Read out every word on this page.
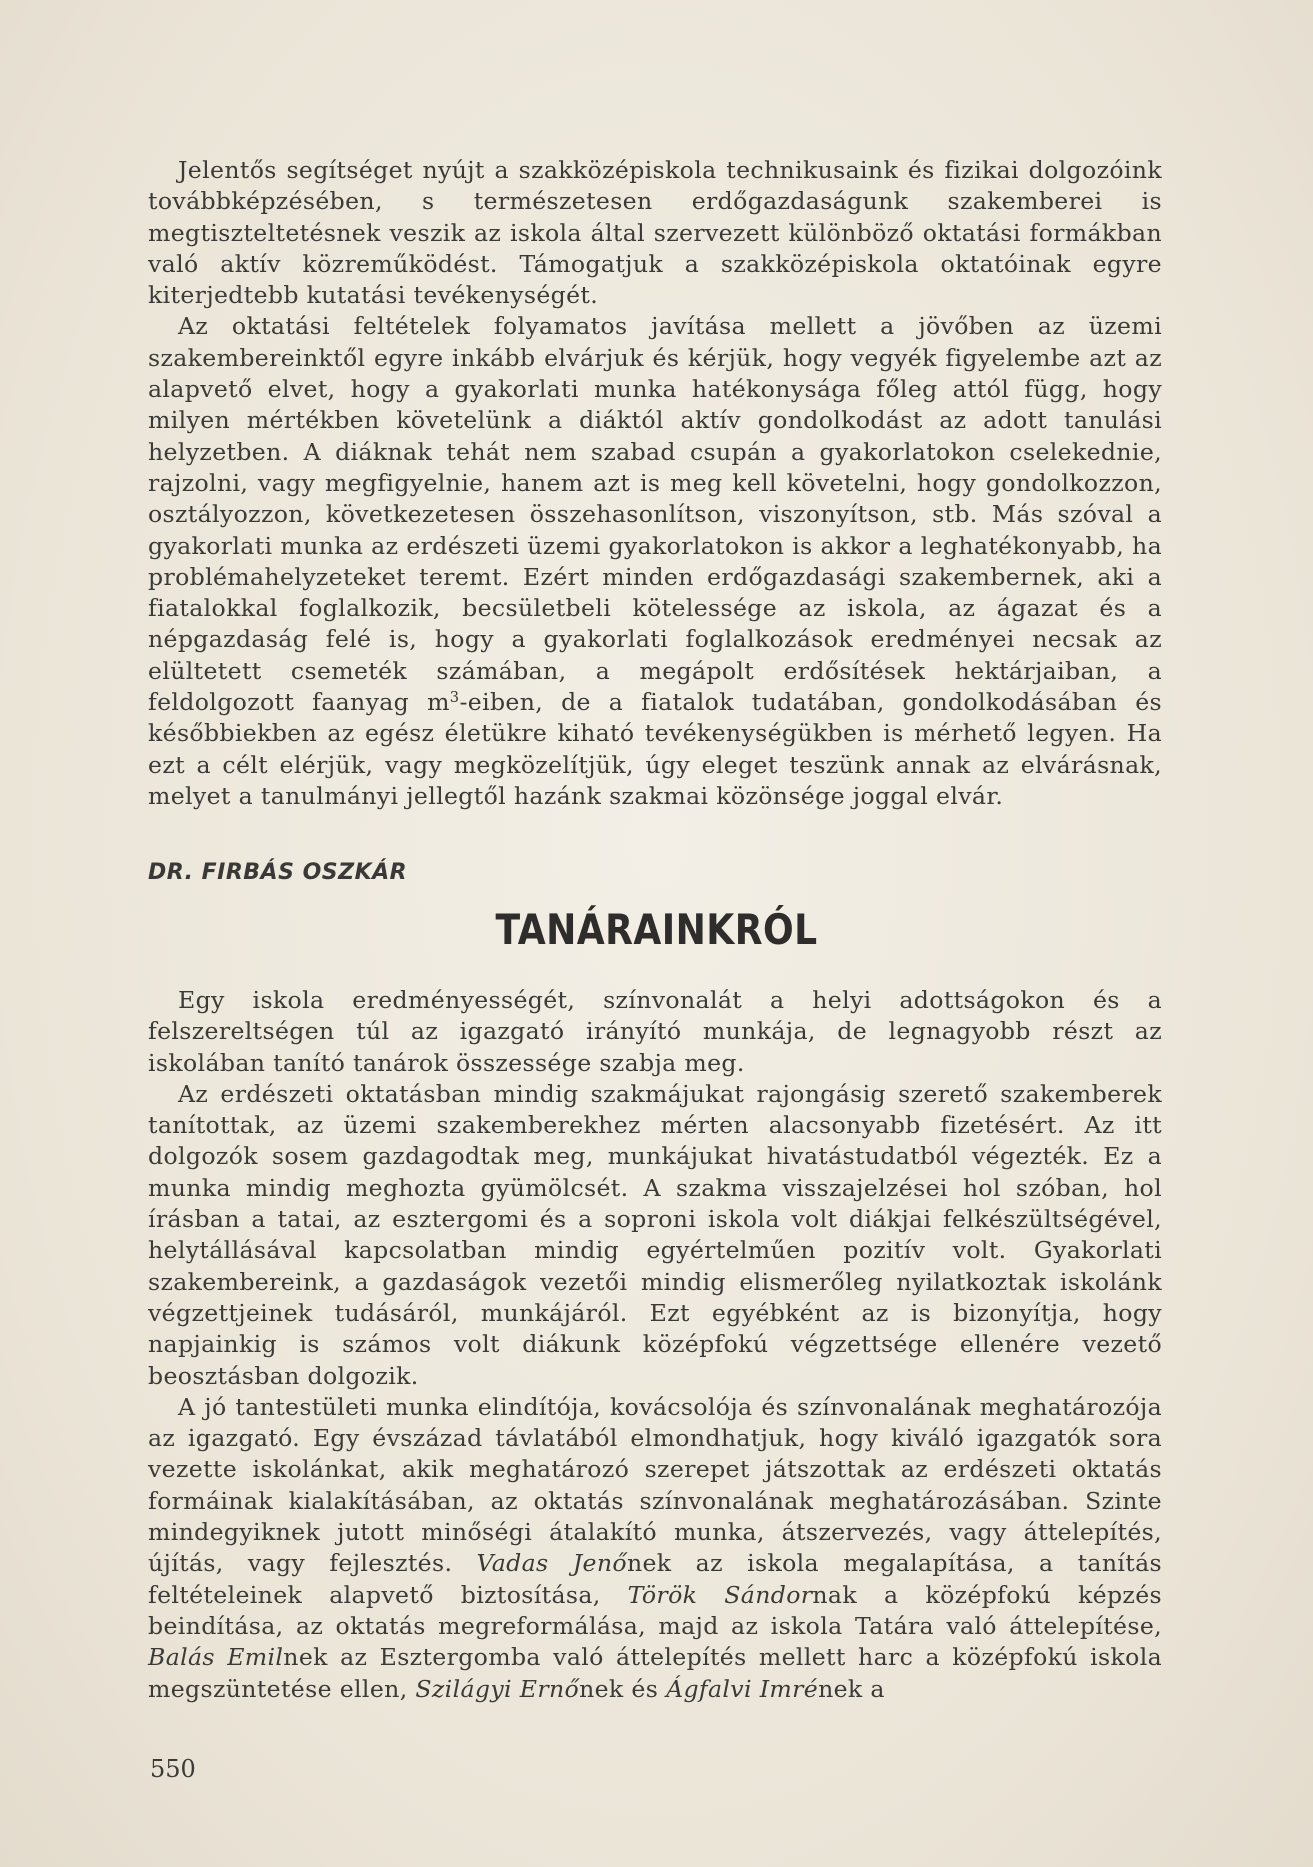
Jelentős segítséget nyújt a szakközépiskola technikusaink és fizikai dolgozóink továbbképzésében, s természetesen erdőgazdaságunk szakemberei is megtiszteltetésnek veszik az iskola által szervezett különböző oktatási formákban való aktív közreműködést. Támogatjuk a szakközépiskola oktatóinak egyre kiterjedtebb kutatási tevékenységét.

Az oktatási feltételek folyamatos javítása mellett a jövőben az üzemi szakembereinktől egyre inkább elvárjuk és kérjük, hogy vegyék figyelembe azt az alapvető elvet, hogy a gyakorlati munka hatékonysága főleg attól függ, hogy milyen mértékben követelünk a diáktól aktív gondolkodást az adott tanulási helyzetben. A diáknak tehát nem szabad csupán a gyakorlatokon cselekednie, rajzolni, vagy megfigyelnie, hanem azt is meg kell követelni, hogy gondolkozzon, osztályozzon, következetesen összehasonlítson, viszonyítson, stb. Más szóval a gyakorlati munka az erdészeti üzemi gyakorlatokon is akkor a leghatékonyabb, ha problémahelyzeteket teremt. Ezért minden erdőgazdasági szakembernek, aki a fiatalokkal foglalkozik, becsületbeli kötelessége az iskola, az ágazat és a népgazdaság felé is, hogy a gyakorlati foglalkozások eredményei necsak az elültetett csemeték számában, a megápolt erdősítések hektárjaiban, a feldolgozott faanyag $m^3$-eiben, de a fiatalok tudatában, gondolkodásában és későbbiekben az egész életükre kiható tevékenységükben is mérhető legyen. Ha ezt a célt elérjük, vagy megközelítjük, úgy eleget teszünk annak az elvárásnak, melyet a tanulmányi jellegtől hazánk szakmai közönsége joggal elvár.

DR. FIRBÁS OSZKÁR
TANÁRAINKRÓL

Egy iskola eredményességét, színvonalát a helyi adottságokon és a felszereltségen túl az igazgató irányító munkája, de legnagyobb részt az iskolában tanító tanárok összessége szabja meg.

Az erdészeti oktatásban mindig szakmájukat rajongásig szerető szakemberek tanítottak, az üzemi szakemberekhez mérten alacsonyabb fizetésért. Az itt dolgozók sosem gazdagodtak meg, munkájukat hivatástudatból végezték. Ez a munka mindig meghozta gyümölcsét. A szakma visszajelzései hol szóban, hol írásban a tatai, az esztergomi és a soproni iskola volt diákjai felkészültségével, helytállásával kapcsolatban mindig egyértelműen pozitív volt. Gyakorlati szakembereink, a gazdaságok vezetői mindig elismerőleg nyilatkoztak iskolánk végzettjeinek tudásáról, munkájáról. Ezt egyébként az is bizonyítja, hogy napjainkig is számos volt diákunk középfokú végzettsége ellenére vezető beosztásban dolgozik.

A jó tantestületi munka elindítója, kovácsolója és színvonalának meghatározója az igazgató. Egy évszázad távlatából elmondhatjuk, hogy kiváló igazgatók sora vezette iskolánkat, akik meghatározó szerepet játszottak az erdészeti oktatás formáinak kialakításában, az oktatás színvonalának meghatározásában. Szinte mindegyiknek jutott minőségi átalakító munka, átszervezés, vagy áttelepítés, újítás, vagy fejlesztés. Vadas Jenőnek az iskola megalapítása, a tanítás feltételeinek alapvető biztosítása, Török Sándornak a középfokú képzés beindítása, az oktatás megreformálása, majd az iskola Tatára való áttelepítése, Balás Emilnek az Esztergomba való áttelepítés mellett harc a középfokú iskola megszüntetése ellen, Szilágyi Ernőnek és Ágfalvi Imrének a

550
